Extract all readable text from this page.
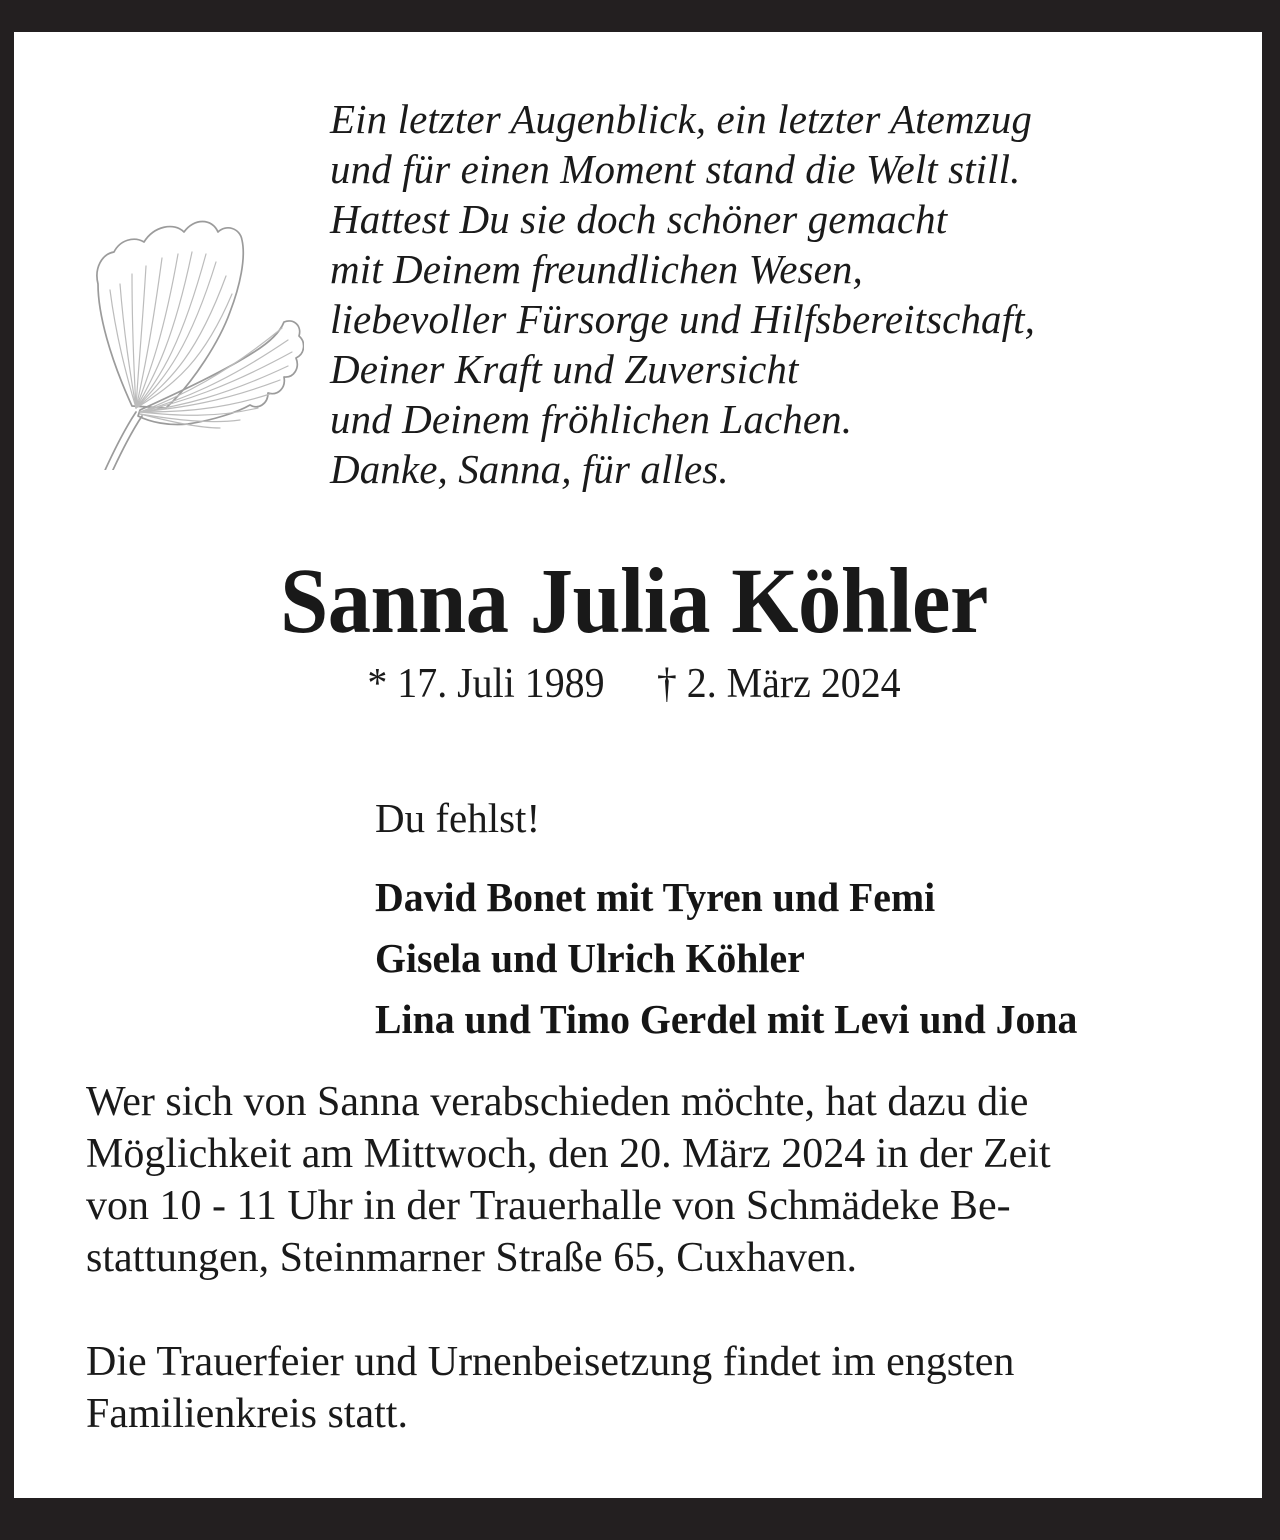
Ein letzter Augenblick, ein letzter Atemzug
und für einen Moment stand die Welt still.
Hattest Du sie doch schöner gemacht
mit Deinem freundlichen Wesen,
liebevoller Fürsorge und Hilfsbereitschaft,
Deiner Kraft und Zuversicht
und Deinem fröhlichen Lachen.
Danke, Sanna, für alles.
Sanna Julia Köhler
* 17. Juli 1989 † 2. März 2024
Du fehlst!
David Bonet mit Tyren und Femi
Gisela und Ulrich Köhler
Lina und Timo Gerdel mit Levi und Jona
Wer sich von Sanna verabschieden möchte, hat dazu die
Möglichkeit am Mittwoch, den 20. März 2024 in der Zeit
von 10 - 11 Uhr in der Trauerhalle von Schmädeke Be-
stattungen, Steinmarner Straße 65, Cuxhaven.
Die Trauerfeier und Urnenbeisetzung findet im engsten
Familienkreis statt.
